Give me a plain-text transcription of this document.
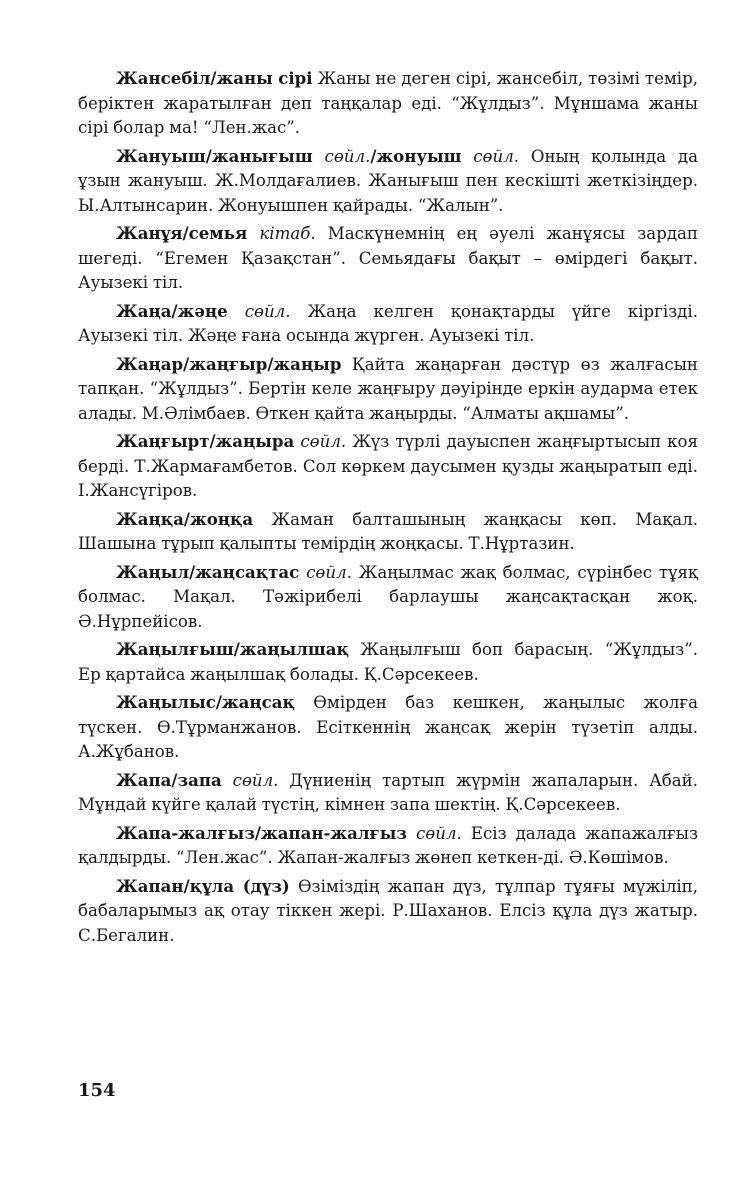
Жансебіл/жаны сірі Жаны не деген сірі, жансебіл, төзімі темір, беріктен жаратылған деп таңқалар еді. “Жұлдыз”. Мұншама жаны сірі болар ма! “Лен.жас”.

Жануыш/жанығыш сөйл./жонуыш сөйл. Оның қолында да ұзын жануыш. Ж.Молдағалиев. Жанығыш пен кескішті жеткізіңдер. Ы.Алтынсарин. Жонуышпен қайрады. “Жалын”.

Жанұя/семья кітаб. Маскүнемнің ең әуелі жанұясы зардап шегеді. “Егемен Қазақстан”. Семьядағы бақыт – өмірдегі бақыт. Ауызекі тіл.

Жаңа/жәңе сөйл. Жаңа келген қонақтарды үйге кіргізді. Ауызекі тіл. Жәңе ғана осында жүрген. Ауызекі тіл.

Жаңар/жаңғыр/жаңыр Қайта жаңарған дәстүр өз жалғасын тапқан. “Жұлдыз”. Бертін келе жаңғыру дәуірінде еркін аударма етек алады. М.Әлімбаев. Өткен қайта жаңырды. “Алматы ақшамы”.

Жаңғырт/жаңыра сөйл. Жүз түрлі дауыспен жаңғыртысып коя берді. Т.Жармағамбетов. Сол көркем даусымен қузды жаңыратып еді. І.Жансүгіров.

Жаңқа/жоңқа Жаман балташының жаңқасы көп. Мақал. Шашына тұрып қалыпты темірдің жоңқасы. Т.Нұртазин.

Жаңыл/жаңсақтас сөйл. Жаңылмас жақ болмас, сүрінбес тұяқ болмас. Мақал. Тәжірибелі барлаушы жаңсақтасқан жоқ. Ә.Нұрпейісов.

Жаңылғыш/жаңылшақ Жаңылғыш боп барасың. “Жұлдыз”. Ер қартайса жаңылшақ болады. Қ.Сәрсекеев.

Жаңылыс/жаңсақ Өмірден баз кешкен, жаңылыс жолға түскен. Ө.Тұрманжанов. Есіткеннің жаңсақ жерін түзетіп алды. А.Жұбанов.

Жапа/запа сөйл. Дүниенің тартып жүрмін жапаларын. Абай. Мұндай күйге қалай түстің, кімнен запа шектің. Қ.Сәрсекеев.

Жапа-жалғыз/жапан-жалғыз сөйл. Есіз далада жапажалғыз қалдырды. “Лен.жас”. Жапан-жалғыз жөнеп кеткен-ді. Ә.Көшімов.

Жапан/құла (дүз) Өзіміздің жапан дүз, тұлпар тұяғы мүжіліп, бабаларымыз ақ отау тіккен жері. Р.Шаханов. Елсіз құла дүз жатыр. С.Бегалин.

154
